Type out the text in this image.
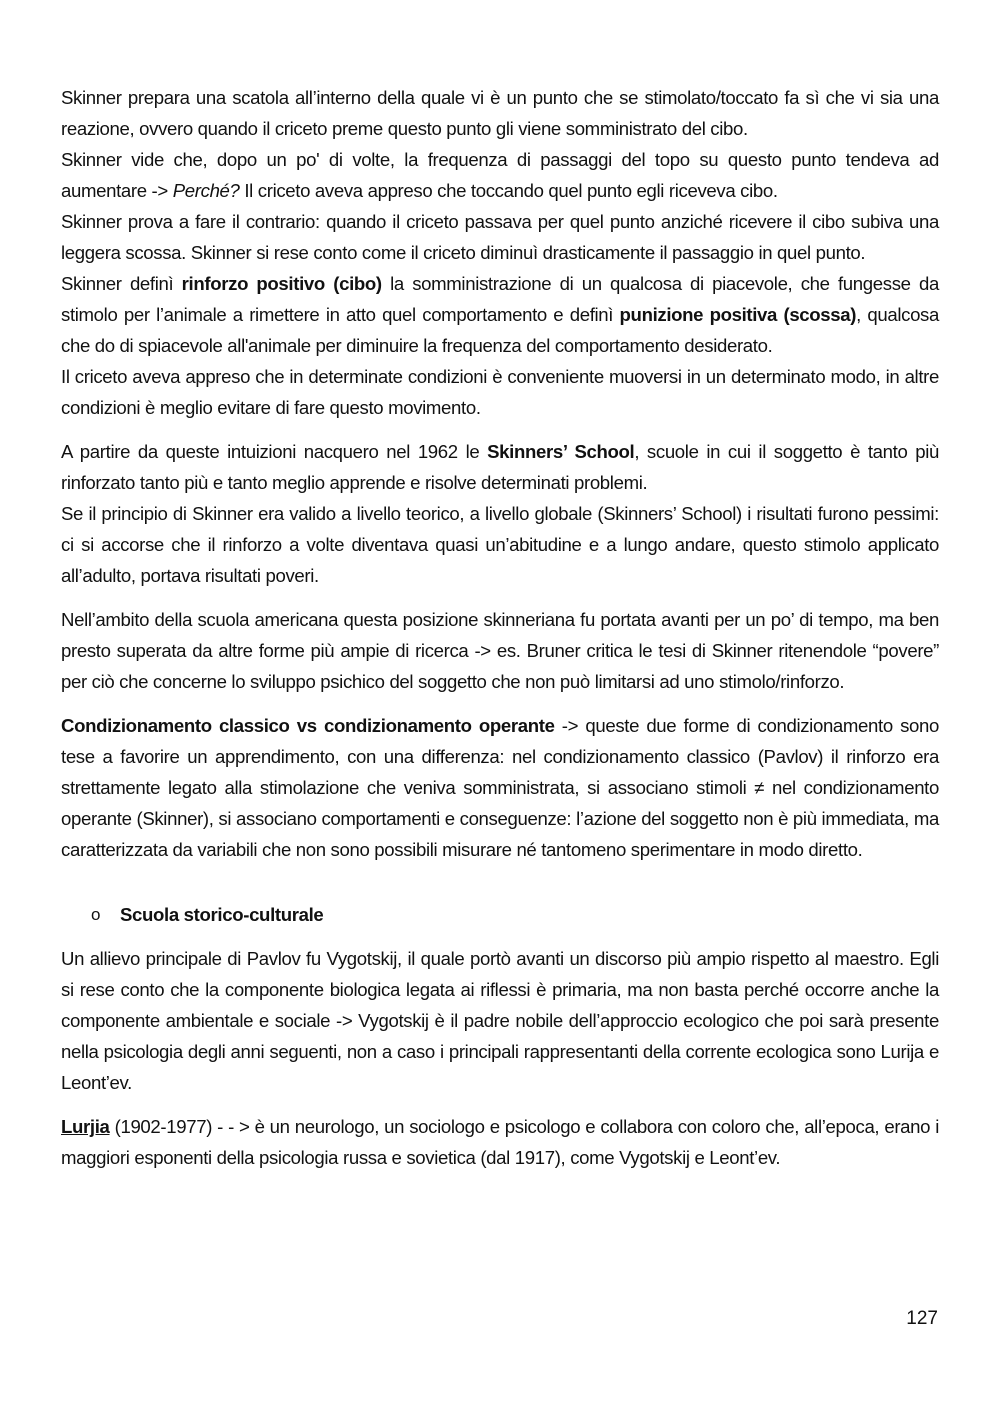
Skinner prepara una scatola all’interno della quale vi è un punto che se stimolato/toccato fa sì che vi sia una reazione, ovvero quando il criceto preme questo punto gli viene somministrato del cibo.

Skinner vide che, dopo un po' di volte, la frequenza di passaggi del topo su questo punto tendeva ad aumentare -> Perché? Il criceto aveva appreso che toccando quel punto egli riceveva cibo.

Skinner prova a fare il contrario: quando il criceto passava per quel punto anziché ricevere il cibo subiva una leggera scossa. Skinner si rese conto come il criceto diminuì drasticamente il passaggio in quel punto.

Skinner definì rinforzo positivo (cibo) la somministrazione di un qualcosa di piacevole, che fungesse da stimolo per l’animale a rimettere in atto quel comportamento e definì punizione positiva (scossa), qualcosa che do di spiacevole all'animale per diminuire la frequenza del comportamento desiderato.

Il criceto aveva appreso che in determinate condizioni è conveniente muoversi in un determinato modo, in altre condizioni è meglio evitare di fare questo movimento.

A partire da queste intuizioni nacquero nel 1962 le Skinners’ School, scuole in cui il soggetto è tanto più rinforzato tanto più e tanto meglio apprende e risolve determinati problemi.

Se il principio di Skinner era valido a livello teorico, a livello globale (Skinners’ School) i risultati furono pessimi: ci si accorse che il rinforzo a volte diventava quasi un’abitudine e a lungo andare, questo stimolo applicato all’adulto, portava risultati poveri.

Nell’ambito della scuola americana questa posizione skinneriana fu portata avanti per un po’ di tempo, ma ben presto superata da altre forme più ampie di ricerca -> es. Bruner critica le tesi di Skinner ritenendole “povere” per ciò che concerne lo sviluppo psichico del soggetto che non può limitarsi ad uno stimolo/rinforzo.

Condizionamento classico vs condizionamento operante -> queste due forme di condizionamento sono tese a favorire un apprendimento, con una differenza: nel condizionamento classico (Pavlov) il rinforzo era strettamente legato alla stimolazione che veniva somministrata, si associano stimoli ≠ nel condizionamento operante (Skinner), si associano comportamenti e conseguenze: l’azione del soggetto non è più immediata, ma caratterizzata da variabili che non sono possibili misurare né tantomeno sperimentare in modo diretto.

o	Scuola storico-culturale

Un allievo principale di Pavlov fu Vygotskij, il quale portò avanti un discorso più ampio rispetto al maestro. Egli si rese conto che la componente biologica legata ai riflessi è primaria, ma non basta perché occorre anche la componente ambientale e sociale -> Vygotskij è il padre nobile dell’approccio ecologico che poi sarà presente nella psicologia degli anni seguenti, non a caso i principali rappresentanti della corrente ecologica sono Lurija e Leont’ev.

Lurjia (1902-1977) - - > è un neurologo, un sociologo e psicologo e collabora con coloro che, all’epoca, erano i maggiori esponenti della psicologia russa e sovietica (dal 1917), come Vygotskij e Leont’ev.

127
